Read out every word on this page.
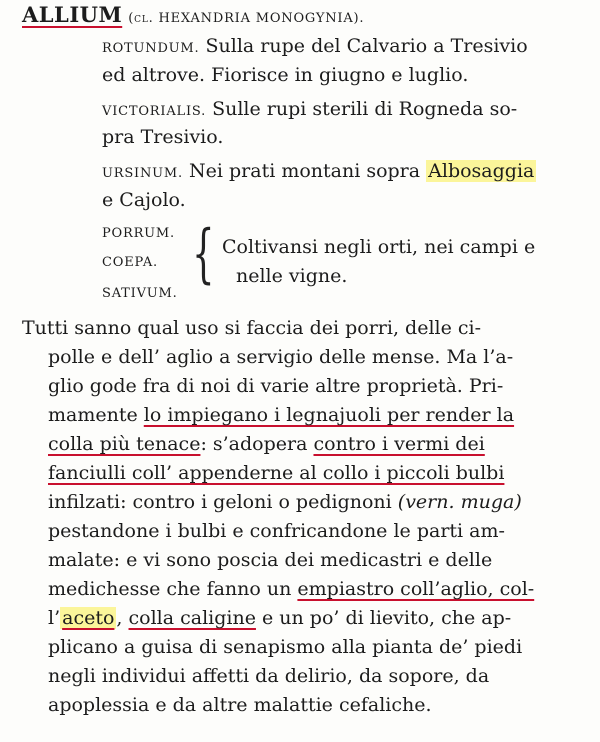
ALLIUM (cl. HEXANDRIA MONOGYNIA).
ROTUNDUM. Sulla rupe del Calvario a Tresivio
ed altrove. Fiorisce in giugno e luglio.
VICTORIALIS. Sulle rupi sterili di Rogneda so-
pra Tresivio.
URSINUM. Nei prati montani sopra Albosaggia
e Cajolo.
PORRUM.
COEPA.
SATIVUM.
{ Coltivansi negli orti, nei campi e
nelle vigne.
Tutti sanno qual uso si faccia dei porri, delle ci-
polle e dell’ aglio a servigio delle mense. Ma l’a-
glio gode fra di noi di varie altre proprietà. Pri-
mamente lo impiegano i legnajuoli per render la
colla più tenace: s’adopera contro i vermi dei
fanciulli coll’ appenderne al collo i piccoli bulbi
infilzati: contro i geloni o pedignoni (vern. muga)
pestandone i bulbi e confricandone le parti am-
malate: e vi sono poscia dei medicastri e delle
medichesse che fanno un empiastro coll’aglio, col-
l’ aceto , colla caligine e un po’ di lievito, che ap-
plicano a guisa di senapismo alla pianta de’ piedi
negli individui affetti da delirio, da sopore, da
apoplessia e da altre malattie cefaliche.
